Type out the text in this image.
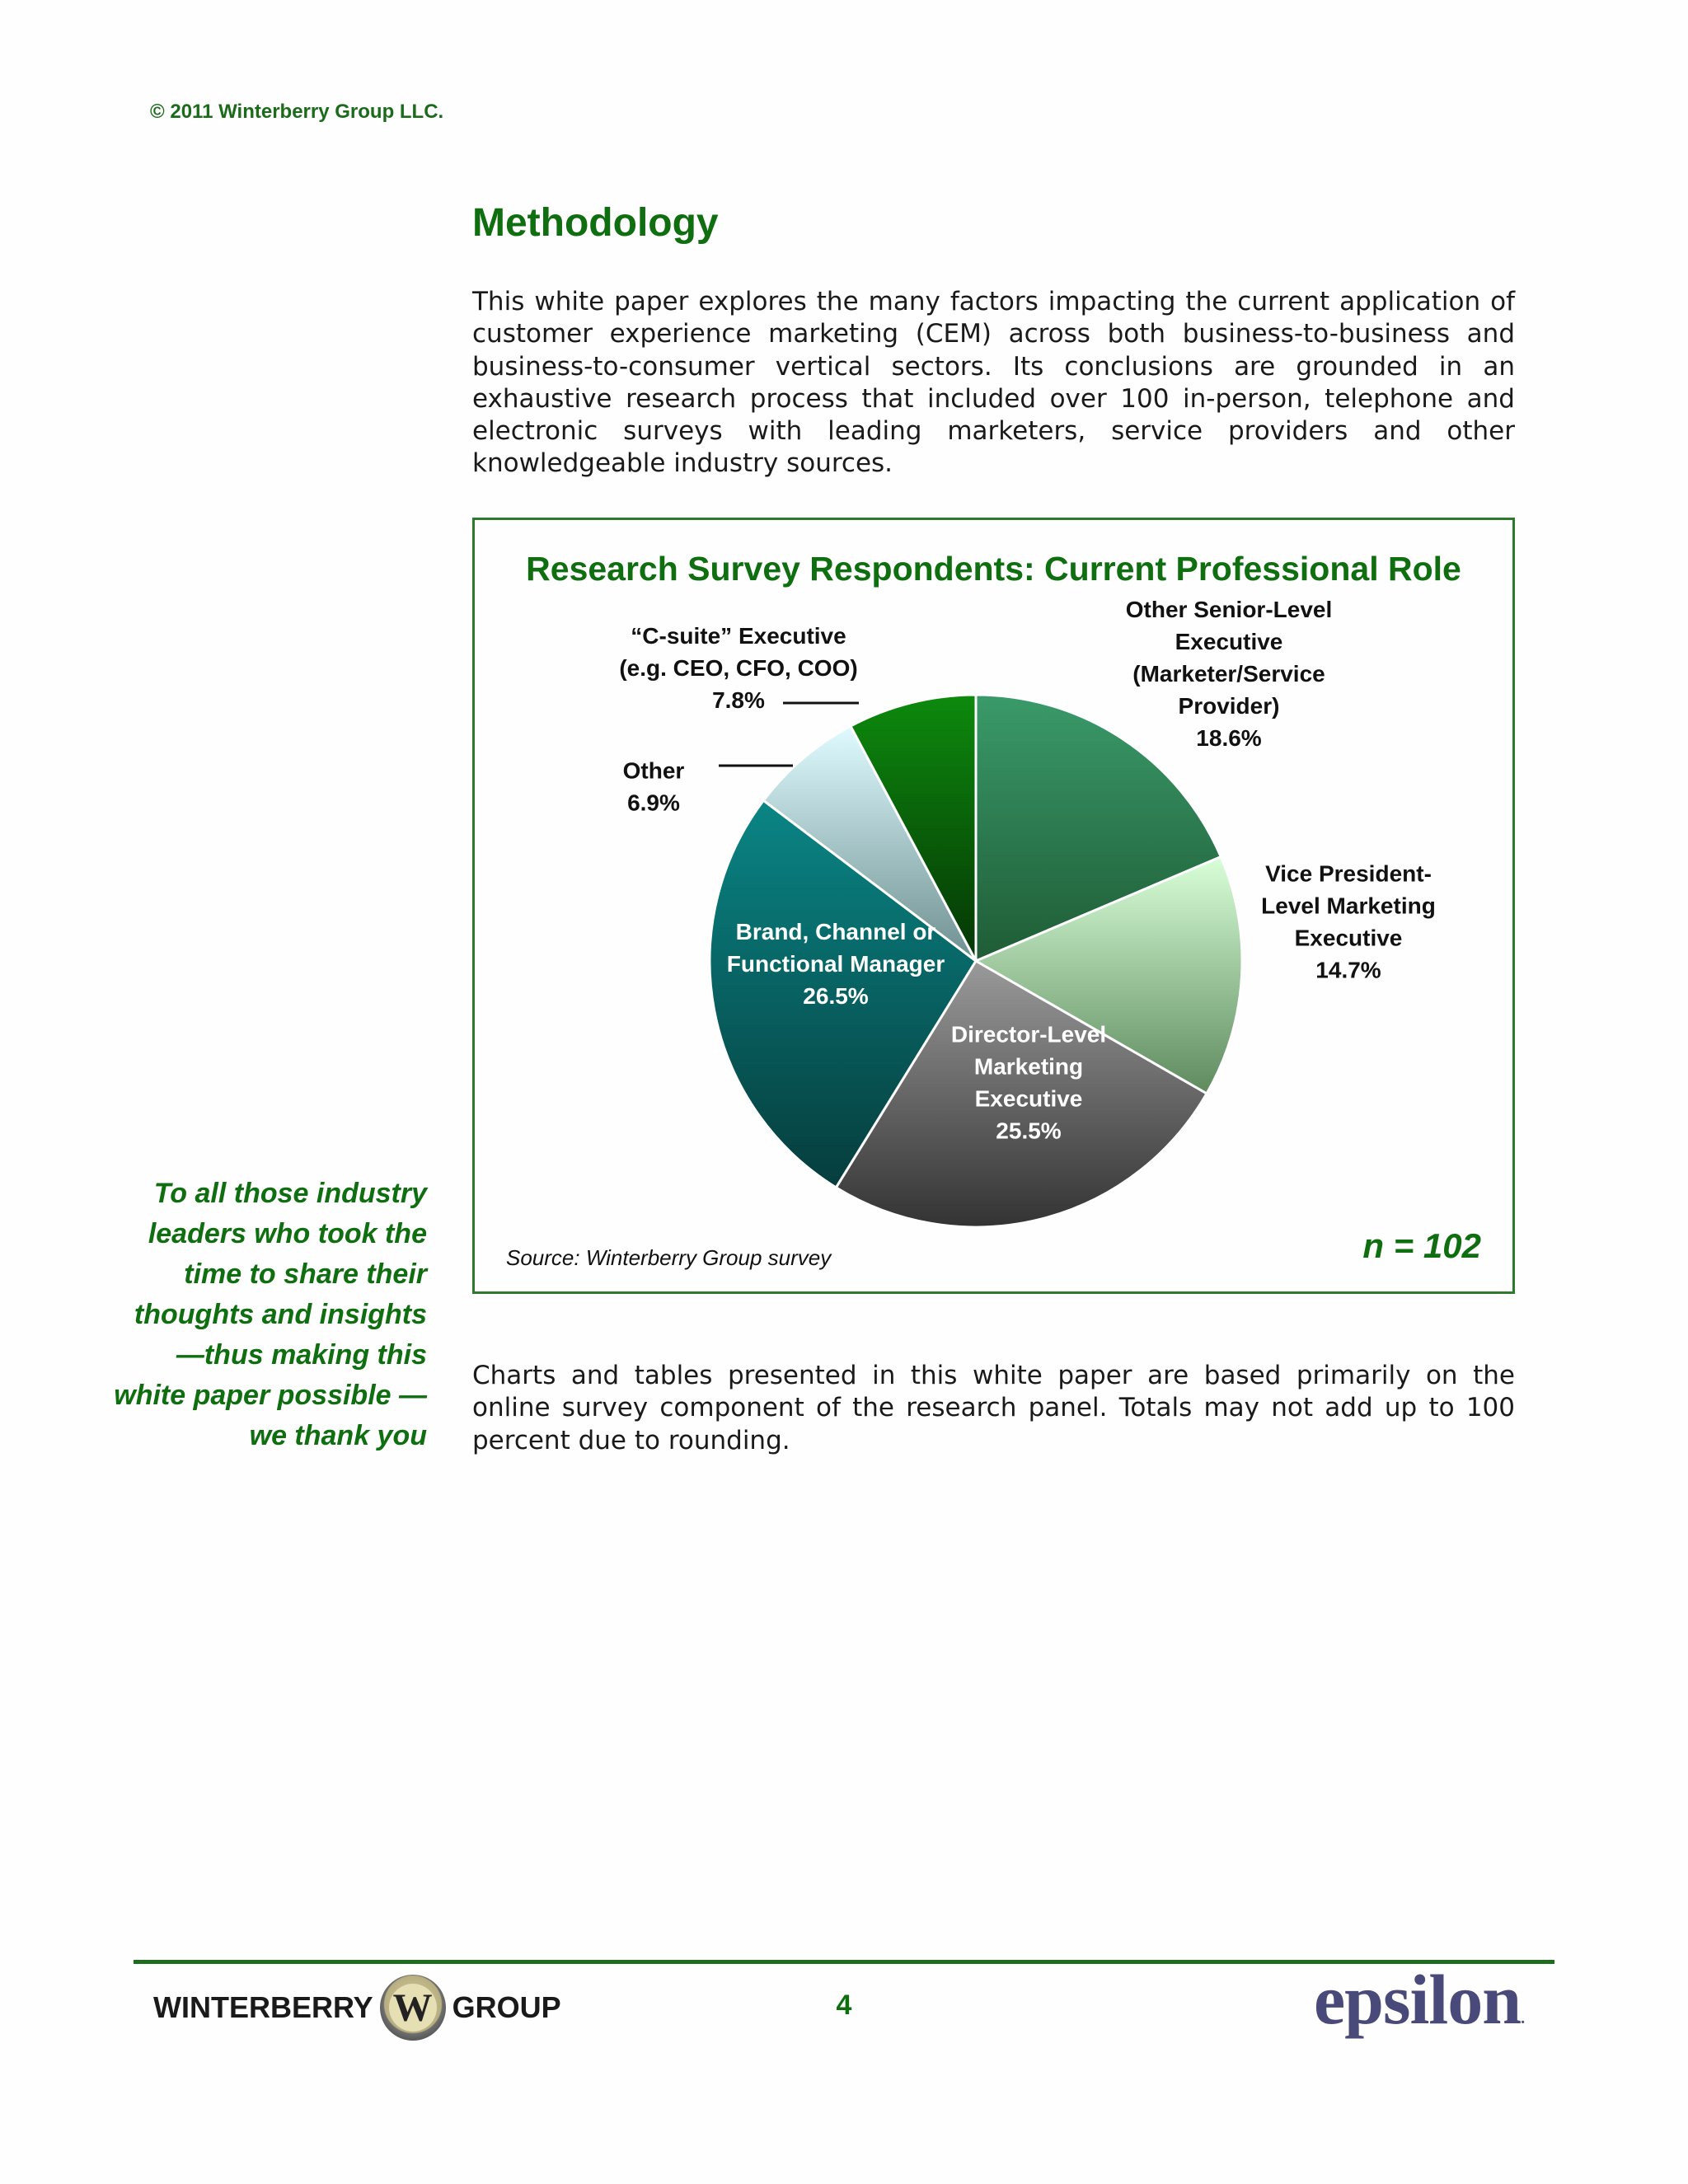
© 2011 Winterberry Group LLC.
Methodology

This white paper explores the many factors impacting the current application of customer experience marketing (CEM) across both business-to-business and business-to-consumer vertical sectors. Its conclusions are grounded in an exhaustive research process that included over 100 in-person, telephone and electronic surveys with leading marketers, service providers and other knowledgeable industry sources.

Research Survey Respondents: Current Professional Role
Other Senior-Level Executive (Marketer/Service Provider) 18.6%
Vice President-Level Marketing Executive 14.7%
Director-Level Marketing Executive 25.5%
Brand, Channel or Functional Manager 26.5%
Other 6.9%
“C-suite” Executive (e.g. CEO, CFO, COO) 7.8%
Source: Winterberry Group survey	n = 102
To all those industry leaders who took the time to share their thoughts and insights —thus making this white paper possible —we thank you

Charts and tables presented in this white paper are based primarily on the online survey component of the research panel. Totals may not add up to 100 percent due to rounding.

WINTERBERRY W GROUP	4	epsilon.
